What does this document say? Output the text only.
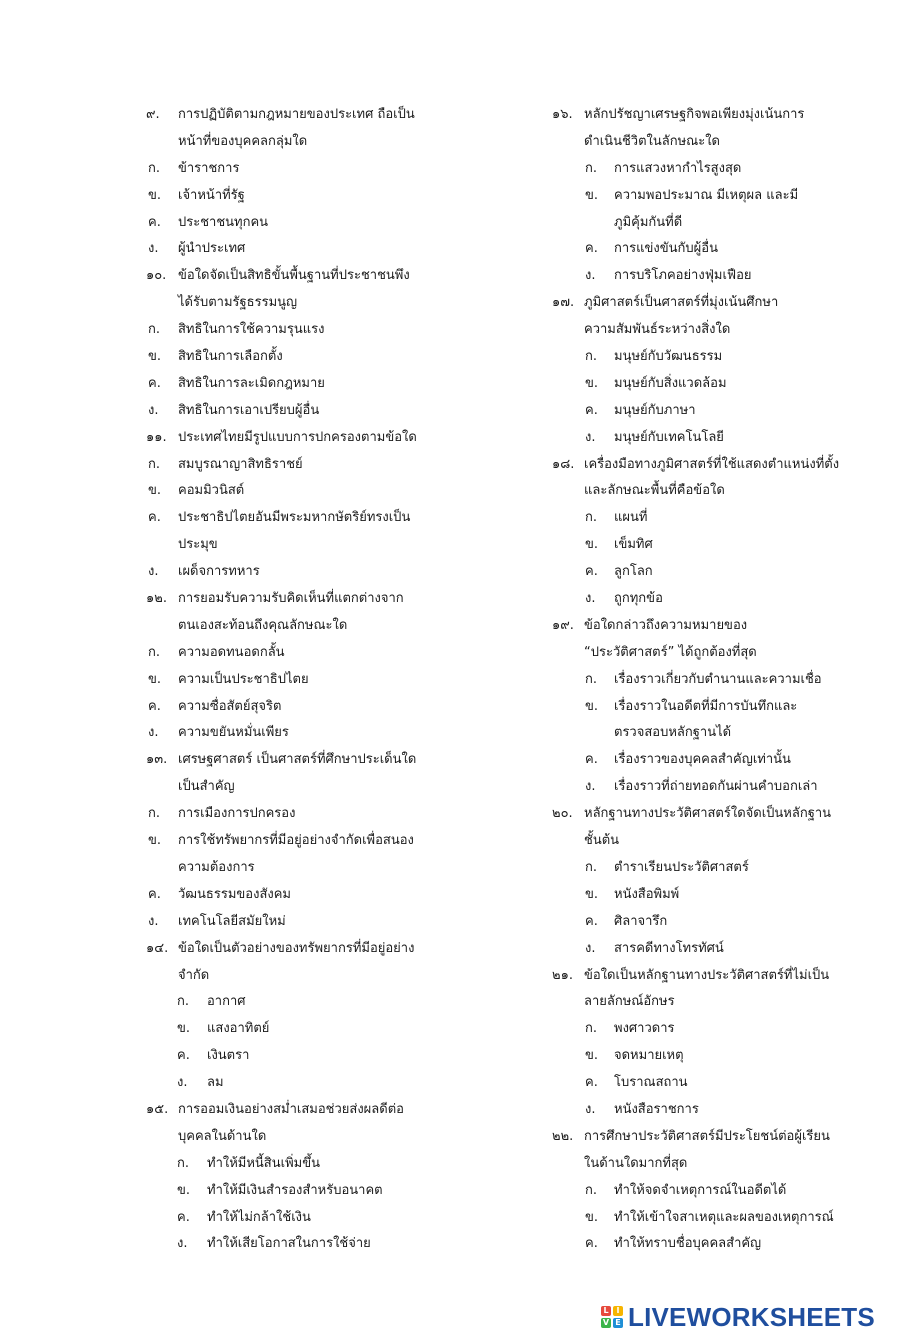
๙. การปฏิบัติตามกฎหมายของประเทศ ถือเป็น
หน้าที่ของบุคคลกลุ่มใด
ก. ข้าราชการ
ข. เจ้าหน้าที่รัฐ
ค. ประชาชนทุกคน
ง. ผู้นำประเทศ
๑๐. ข้อใดจัดเป็นสิทธิขั้นพื้นฐานที่ประชาชนพึง
ได้รับตามรัฐธรรมนูญ
ก. สิทธิในการใช้ความรุนแรง
ข. สิทธิในการเลือกตั้ง
ค. สิทธิในการละเมิดกฎหมาย
ง. สิทธิในการเอาเปรียบผู้อื่น
๑๑. ประเทศไทยมีรูปแบบการปกครองตามข้อใด
ก. สมบูรณาญาสิทธิราชย์
ข. คอมมิวนิสต์
ค. ประชาธิปไตยอันมีพระมหากษัตริย์ทรงเป็น
ประมุข
ง. เผด็จการทหาร
๑๒. การยอมรับความรับคิดเห็นที่แตกต่างจาก
ตนเองสะท้อนถึงคุณลักษณะใด
ก. ความอดทนอดกลั้น
ข. ความเป็นประชาธิปไตย
ค. ความซื่อสัตย์สุจริต
ง. ความขยันหมั่นเพียร
๑๓. เศรษฐศาสตร์ เป็นศาสตร์ที่ศึกษาประเด็นใด
เป็นสำคัญ
ก. การเมืองการปกครอง
ข. การใช้ทรัพยากรที่มีอยู่อย่างจำกัดเพื่อสนอง
ความต้องการ
ค. วัฒนธรรมของสังคม
ง. เทคโนโลยีสมัยใหม่
๑๔. ข้อใดเป็นตัวอย่างของทรัพยากรที่มีอยู่อย่าง
จำกัด
ก. อากาศ
ข. แสงอาทิตย์
ค. เงินตรา
ง. ลม
๑๕. การออมเงินอย่างสม่ำเสมอช่วยส่งผลดีต่อ
บุคคลในด้านใด
ก. ทำให้มีหนี้สินเพิ่มขึ้น
ข. ทำให้มีเงินสำรองสำหรับอนาคต
ค. ทำให้ไม่กล้าใช้เงิน
ง. ทำให้เสียโอกาสในการใช้จ่าย
๑๖. หลักปรัชญาเศรษฐกิจพอเพียงมุ่งเน้นการ
ดำเนินชีวิตในลักษณะใด
ก. การแสวงหากำไรสูงสุด
ข. ความพอประมาณ มีเหตุผล และมี
ภูมิคุ้มกันที่ดี
ค. การแข่งขันกับผู้อื่น
ง. การบริโภคอย่างฟุ่มเฟือย
๑๗. ภูมิศาสตร์เป็นศาสตร์ที่มุ่งเน้นศึกษา
ความสัมพันธ์ระหว่างสิ่งใด
ก. มนุษย์กับวัฒนธรรม
ข. มนุษย์กับสิ่งแวดล้อม
ค. มนุษย์กับภาษา
ง. มนุษย์กับเทคโนโลยี
๑๘. เครื่องมือทางภูมิศาสตร์ที่ใช้แสดงตำแหน่งที่ตั้ง
และลักษณะพื้นที่คือข้อใด
ก. แผนที่
ข. เข็มทิศ
ค. ลูกโลก
ง. ถูกทุกข้อ
๑๙. ข้อใดกล่าวถึงความหมายของ
“ประวัติศาสตร์” ได้ถูกต้องที่สุด
ก. เรื่องราวเกี่ยวกับตำนานและความเชื่อ
ข. เรื่องราวในอดีตที่มีการบันทึกและ
ตรวจสอบหลักฐานได้
ค. เรื่องราวของบุคคลสำคัญเท่านั้น
ง. เรื่องราวที่ถ่ายทอดกันผ่านคำบอกเล่า
๒๐. หลักฐานทางประวัติศาสตร์ใดจัดเป็นหลักฐาน
ชั้นต้น
ก. ตำราเรียนประวัติศาสตร์
ข. หนังสือพิมพ์
ค. ศิลาจารึก
ง. สารคดีทางโทรทัศน์
๒๑. ข้อใดเป็นหลักฐานทางประวัติศาสตร์ที่ไม่เป็น
ลายลักษณ์อักษร
ก. พงศาวดาร
ข. จดหมายเหตุ
ค. โบราณสถาน
ง. หนังสือราชการ
๒๒. การศึกษาประวัติศาสตร์มีประโยชน์ต่อผู้เรียน
ในด้านใดมากที่สุด
ก. ทำให้จดจำเหตุการณ์ในอดีตได้
ข. ทำให้เข้าใจสาเหตุและผลของเหตุการณ์
ค. ทำให้ทราบชื่อบุคคลสำคัญ
L I
V E LIVEWORKSHEETS
